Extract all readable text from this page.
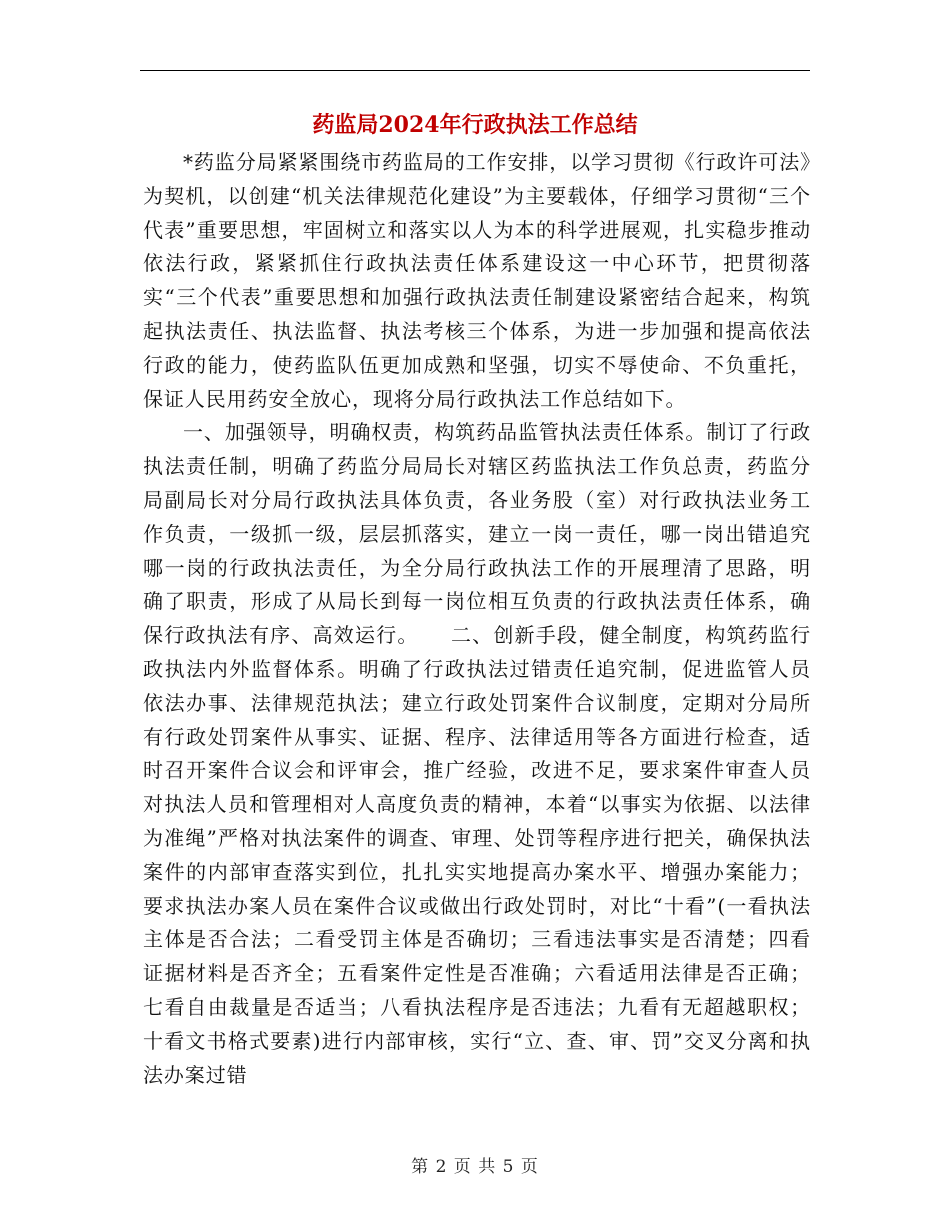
药监局2024年行政执法工作总结

*药监分局紧紧围绕市药监局的工作安排，以学习贯彻《行政许可法》为契机，以创建“机关法律规范化建设”为主要载体，仔细学习贯彻“三个代表”重要思想，牢固树立和落实以人为本的科学进展观，扎实稳步推动依法行政，紧紧抓住行政执法责任体系建设这一中心环节，把贯彻落实“三个代表”重要思想和加强行政执法责任制建设紧密结合起来，构筑起执法责任、执法监督、执法考核三个体系，为进一步加强和提高依法行政的能力，使药监队伍更加成熟和坚强，切实不辱使命、不负重托，保证人民用药安全放心，现将分局行政执法工作总结如下。

一、加强领导，明确权责，构筑药品监管执法责任体系。制订了行政执法责任制，明确了药监分局局长对辖区药监执法工作负总责，药监分局副局长对分局行政执法具体负责，各业务股（室）对行政执法业务工作负责，一级抓一级，层层抓落实，建立一岗一责任，哪一岗出错追究哪一岗的行政执法责任，为全分局行政执法工作的开展理清了思路，明确了职责，形成了从局长到每一岗位相互负责的行政执法责任体系，确保行政执法有序、高效运行。　　二、创新手段，健全制度，构筑药监行政执法内外监督体系。明确了行政执法过错责任追究制，促进监管人员依法办事、法律规范执法；建立行政处罚案件合议制度，定期对分局所有行政处罚案件从事实、证据、程序、法律适用等各方面进行检查，适时召开案件合议会和评审会，推广经验，改进不足，要求案件审查人员对执法人员和管理相对人高度负责的精神，本着“以事实为依据、以法律为准绳”严格对执法案件的调查、审理、处罚等程序进行把关，确保执法案件的内部审查落实到位，扎扎实实地提高办案水平、增强办案能力；要求执法办案人员在案件合议或做出行政处罚时，对比“十看”(一看执法主体是否合法；二看受罚主体是否确切；三看违法事实是否清楚；四看证据材料是否齐全；五看案件定性是否准确；六看适用法律是否正确；七看自由裁量是否适当；八看执法程序是否违法；九看有无超越职权；十看文书格式要素)进行内部审核，实行“立、查、审、罚”交叉分离和执法办案过错

第 2 页 共 5 页
